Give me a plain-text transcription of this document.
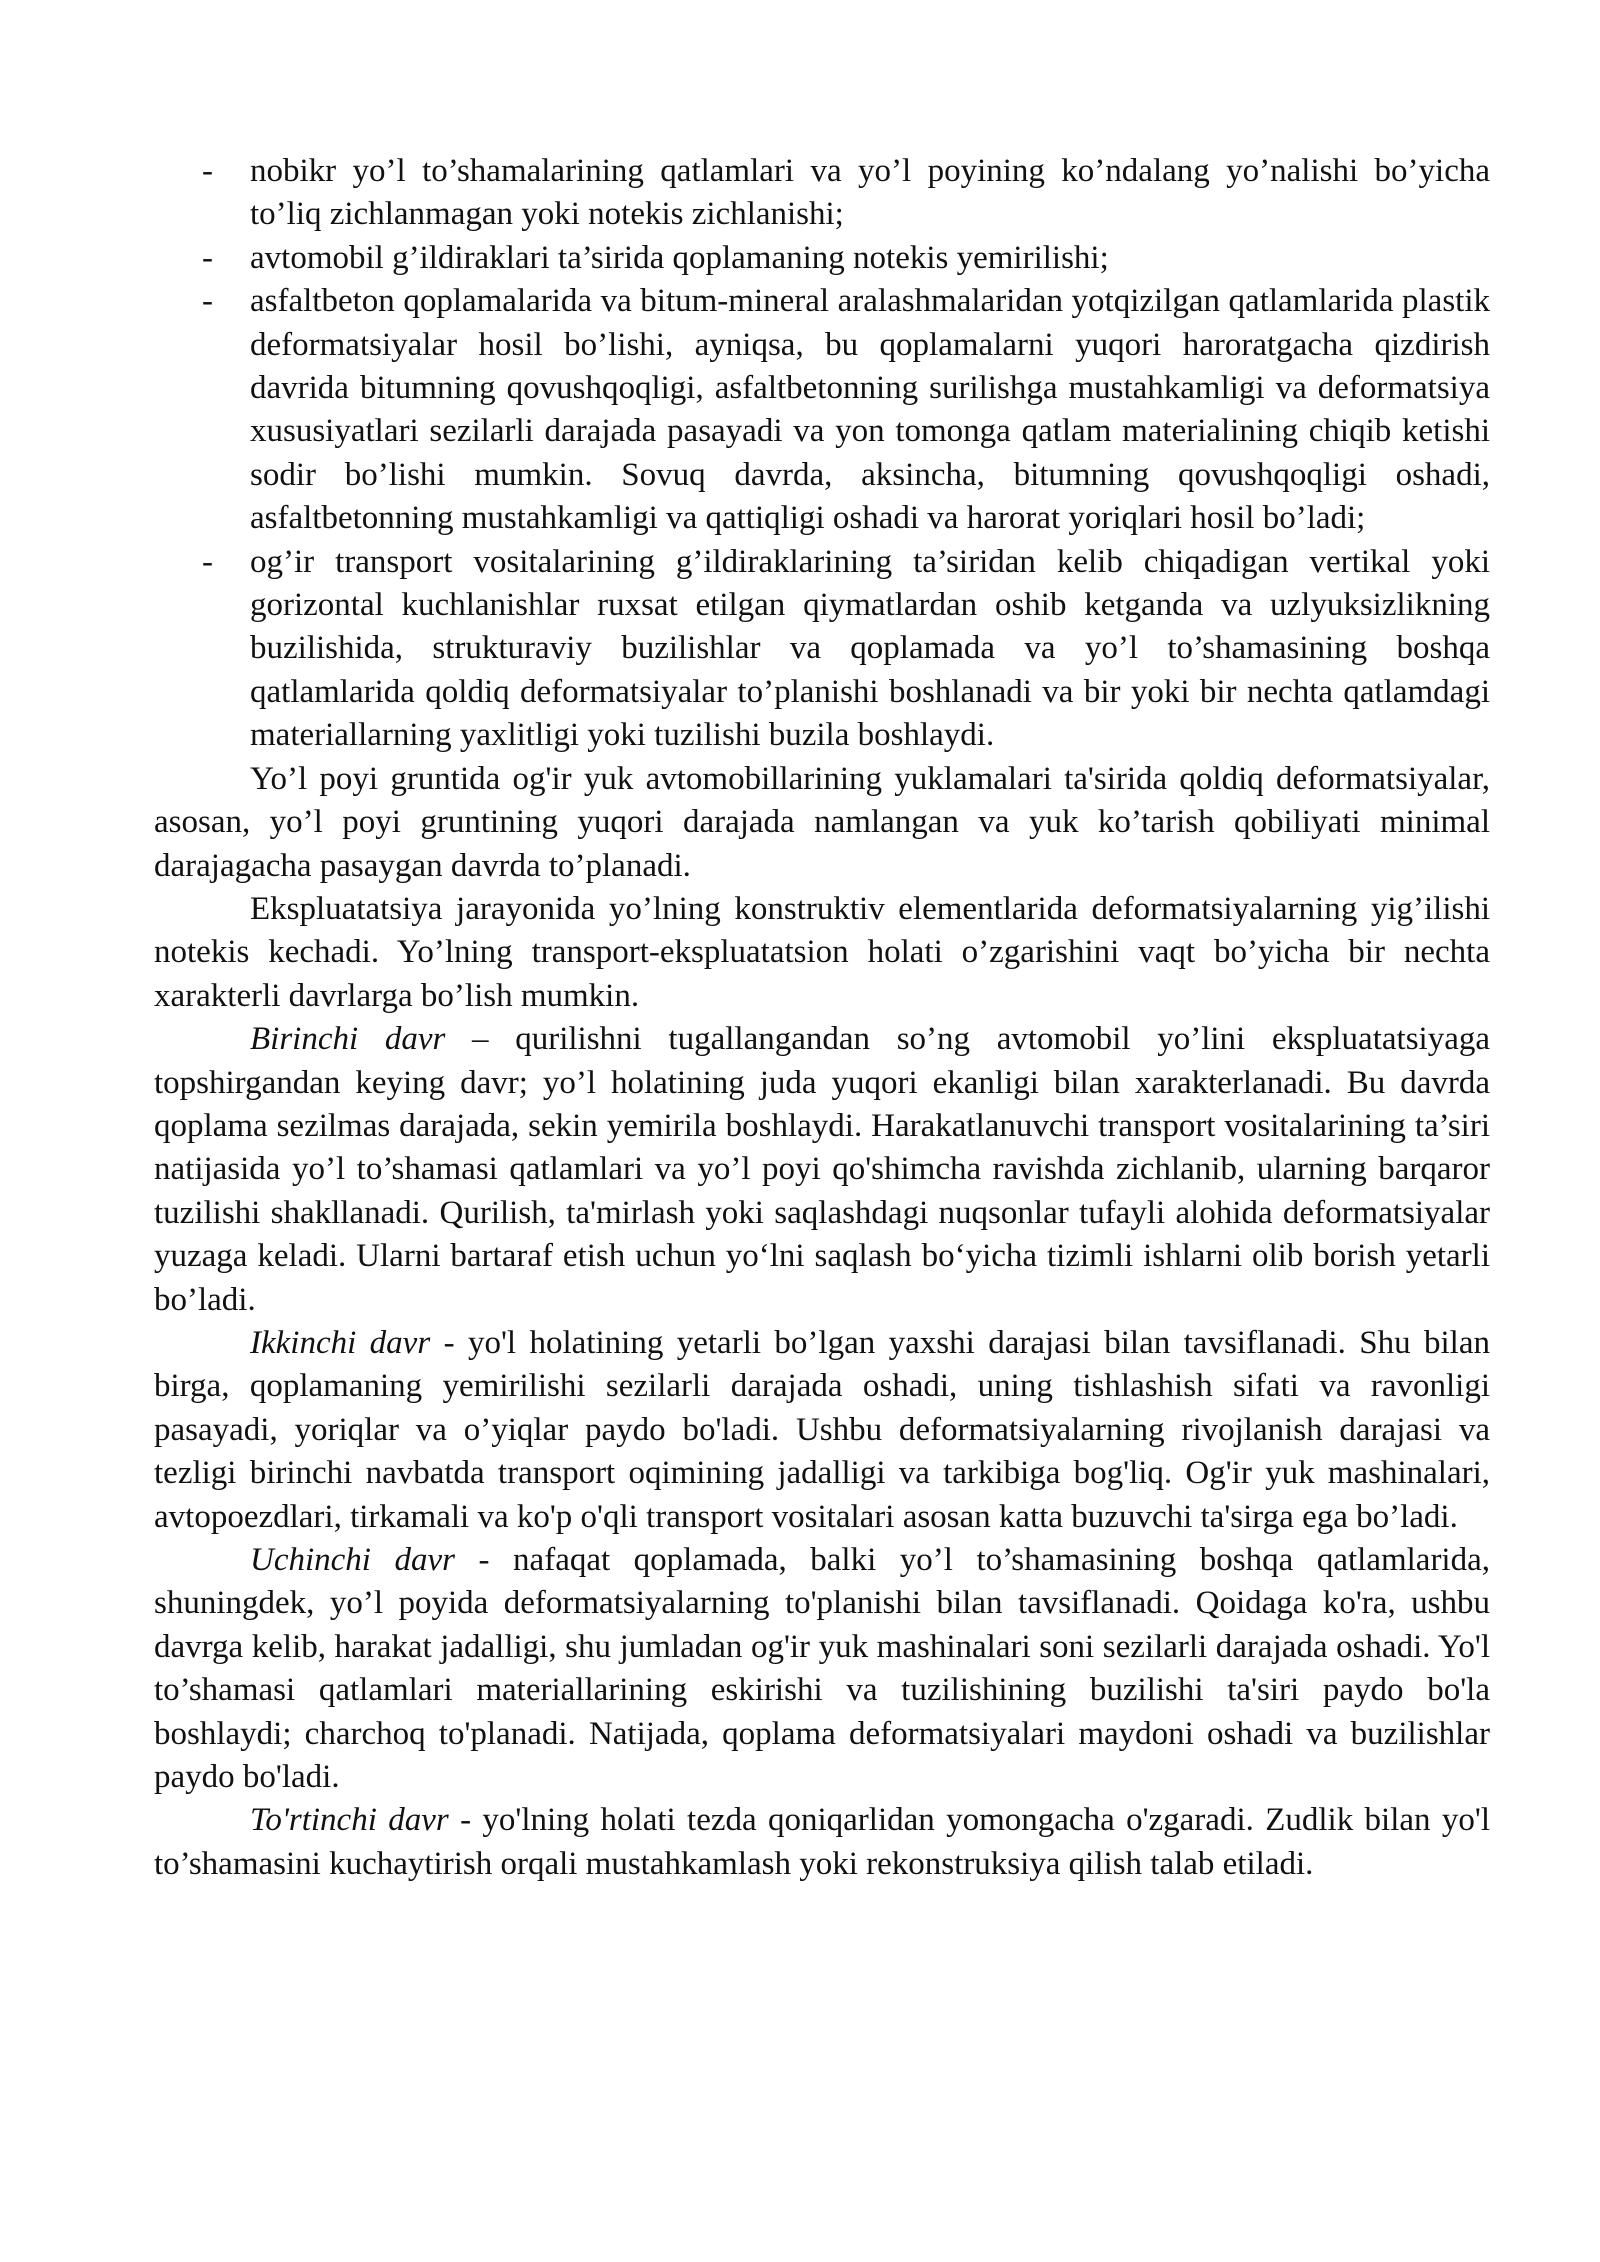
- nobikr yo’l to’shamalarining qatlamlari va yo’l poyining ko’ndalang yo’nalishi bo’yicha to’liq zichlanmagan yoki notekis zichlanishi;
- avtomobil g’ildiraklari ta’sirida qoplamaning notekis yemirilishi;
- asfaltbeton qoplamalarida va bitum-mineral aralashmalaridan yotqizilgan qatlamlarida plastik deformatsiyalar hosil bo’lishi, ayniqsa, bu qoplamalarni yuqori haroratgacha qizdirish davrida bitumning qovushqoqligi, asfaltbetonning surilishga mustahkamligi va deformatsiya xususiyatlari sezilarli darajada pasayadi va yon tomonga qatlam materialining chiqib ketishi sodir bo’lishi mumkin. Sovuq davrda, aksincha, bitumning qovushqoqligi oshadi, asfaltbetonning mustahkamligi va qattiqligi oshadi va harorat yoriqlari hosil bo’ladi;
- og’ir transport vositalarining g’ildiraklarining ta’siridan kelib chiqadigan vertikal yoki gorizontal kuchlanishlar ruxsat etilgan qiymatlardan oshib ketganda va uzlyuksizlikning buzilishida, strukturaviy buzilishlar va qoplamada va yo’l to’shamasining boshqa qatlamlarida qoldiq deformatsiyalar to’planishi boshlanadi va bir yoki bir nechta qatlamdagi materiallarning yaxlitligi yoki tuzilishi buzila boshlaydi.

Yo’l poyi gruntida og'ir yuk avtomobillarining yuklamalari ta'sirida qoldiq deformatsiyalar, asosan, yo’l poyi gruntining yuqori darajada namlangan va yuk ko’tarish qobiliyati minimal darajagacha pasaygan davrda to’planadi.

Ekspluatatsiya jarayonida yo’lning konstruktiv elementlarida deformatsiyalarning yig’ilishi notekis kechadi. Yo’lning transport-ekspluatatsion holati o’zgarishini vaqt bo’yicha bir nechta xarakterli davrlarga bo’lish mumkin.

Birinchi davr – qurilishni tugallangandan so’ng avtomobil yo’lini ekspluatatsiyaga topshirgandan keying davr; yo’l holatining juda yuqori ekanligi bilan xarakterlanadi. Bu davrda qoplama sezilmas darajada, sekin yemirila boshlaydi. Harakatlanuvchi transport vositalarining ta’siri natijasida yo’l to’shamasi qatlamlari va yo’l poyi qo'shimcha ravishda zichlanib, ularning barqaror tuzilishi shakllanadi. Qurilish, ta'mirlash yoki saqlashdagi nuqsonlar tufayli alohida deformatsiyalar yuzaga keladi. Ularni bartaraf etish uchun yo‘lni saqlash bo‘yicha tizimli ishlarni olib borish yetarli bo’ladi.

Ikkinchi davr - yo'l holatining yetarli bo’lgan yaxshi darajasi bilan tavsiflanadi. Shu bilan birga, qoplamaning yemirilishi sezilarli darajada oshadi, uning tishlashish sifati va ravonligi pasayadi, yoriqlar va o’yiqlar paydo bo'ladi. Ushbu deformatsiyalarning rivojlanish darajasi va tezligi birinchi navbatda transport oqimining jadalligi va tarkibiga bog'liq. Og'ir yuk mashinalari, avtopoezdlari, tirkamali va ko'p o'qli transport vositalari asosan katta buzuvchi ta'sirga ega bo’ladi.

Uchinchi davr - nafaqat qoplamada, balki yo’l to’shamasining boshqa qatlamlarida, shuningdek, yo’l poyida deformatsiyalarning to'planishi bilan tavsiflanadi. Qoidaga ko'ra, ushbu davrga kelib, harakat jadalligi, shu jumladan og'ir yuk mashinalari soni sezilarli darajada oshadi. Yo'l to’shamasi qatlamlari materiallarining eskirishi va tuzilishining buzilishi ta'siri paydo bo'la boshlaydi; charchoq to'planadi. Natijada, qoplama deformatsiyalari maydoni oshadi va buzilishlar paydo bo'ladi.

To'rtinchi davr - yo'lning holati tezda qoniqarlidan yomongacha o'zgaradi. Zudlik bilan yo'l to’shamasini kuchaytirish orqali mustahkamlash yoki rekonstruksiya qilish talab etiladi.
